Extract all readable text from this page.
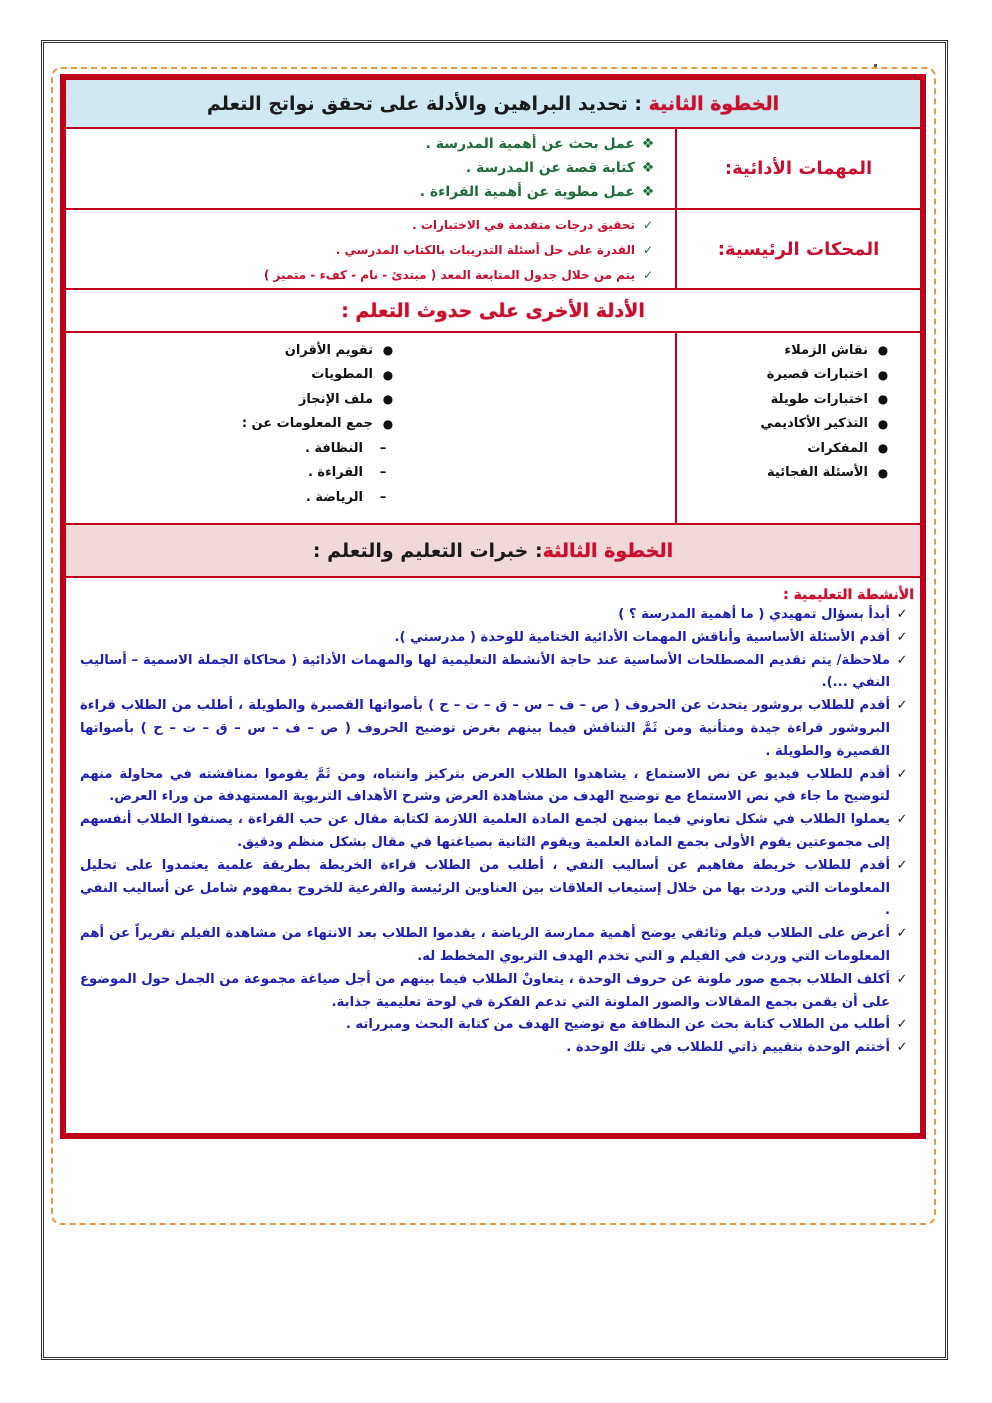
الخطوة الثانية
:
تحديد البراهين والأدلة على تحقق نواتج التعلم
المهمات الأدائية:
❖
عمل بحث عن أهمية المدرسة .
❖
كتابة قصة عن المدرسة .
❖
عمل مطوية عن أهمية القراءة .
المحكات الرئيسية:
✓
تحقيق درجات متقدمة في الاختبارات .
✓
القدرة على حل أسئلة التدريبات بالكتاب المدرسي .
✓
يتم من خلال جدول المتابعة المعد ( مبتدئ - نام - كفء - متميز )
الأدلة الأخرى على حدوث التعلم :
●
نقاش الزملاء
●
اختبارات قصيرة
●
اختبارات طويلة
●
التذكير الأكاديمي
●
المفكرات
●
الأسئلة الفجائية
●
تقويم الأقران
●
المطويات
●
ملف الإنجاز
●
جمع المعلومات عن :
–
النظافة .
–
القراءة .
–
الرياضة .
الخطوة الثالثة
:
خبرات التعليم والتعلم :
الأنشطة التعليمية :
✓
أبدأ بسؤال تمهيدي ( ما أهمية المدرسة ؟ )
✓
أقدم الأسئلة الأساسية وأناقش المهمات الأدائية الختامية للوحدة ( مدرستي ).
✓
ملاحظة/ يتم تقديم المصطلحات الأساسية عند حاجة الأنشطة التعليمية لها والمهمات الأدائية ( محاكاة الجملة الاسمية – أساليب النفي ...).
✓
أقدم للطلاب بروشور يتحدث عن الحروف ( ص – ف – س – ق – ت – ح ) بأصواتها القصيرة والطويلة ، أطلب من الطلاب قراءة البروشور قراءة جيدة ومتأنية ومن ثَمَّ التناقش فيما بينهم بغرض توضيح الحروف ( ص – ف – س – ق – ت – ح ) بأصواتها القصيرة والطويلة .
✓
أقدم للطلاب فيديو عن نص الاستماع ، يشاهدوا الطلاب العرض بتركيز وانتباه، ومن ثَمَّ يقوموا بمناقشته في محاولة منهم لتوضيح ما جاء في نص الاستماع مع توضيح الهدف من مشاهدة العرض وشرح الأهداف التربوية المستهدفة من وراء العرض.
✓
يعملوا الطلاب في شكل تعاوني فيما بينهن لجمع المادة العلمية اللازمة لكتابة مقال عن حب القراءة ، يصنفوا الطلاب أنفسهم إلى مجموعتين يقوم الأولى بجمع المادة العلمية ويقوم الثانية بصياغتها في مقال بشكل منظم ودقيق.
✓
أقدم للطلاب خريطة مفاهيم عن أساليب النفي ، أطلب من الطلاب قراءة الخريطة بطريقة علمية يعتمدوا على تحليل المعلومات التي وردت بها من خلال إستيعاب العلاقات بين العناوين الرئيسة والفرعية للخروج بمفهوم شامل عن أساليب النفي .
✓
أعرض على الطلاب فيلم وثائقي يوضح أهمية ممارسة الرياضة ، يقدموا الطلاب بعد الانتهاء من مشاهدة الفيلم تقريراً عن أهم المعلومات التي وردت في الفيلم و التي تخدم الهدف التربوي المخطط له.
✓
أكلف الطلاب بجمع صور ملونة عن حروف الوحدة ، يتعاونْ الطلاب فيما بينهم من أجل صياغة مجموعة من الجمل حول الموضوع على أن يقمن بجمع المقالات والصور الملونة التي تدعم الفكرة في لوحة تعليمية جذابة.
✓
أطلب من الطلاب كتابة بحث عن النظافة مع توضيح الهدف من كتابة البحث ومبرراته .
✓
أختتم الوحدة بتقييم ذاتي للطلاب في تلك الوحدة .
